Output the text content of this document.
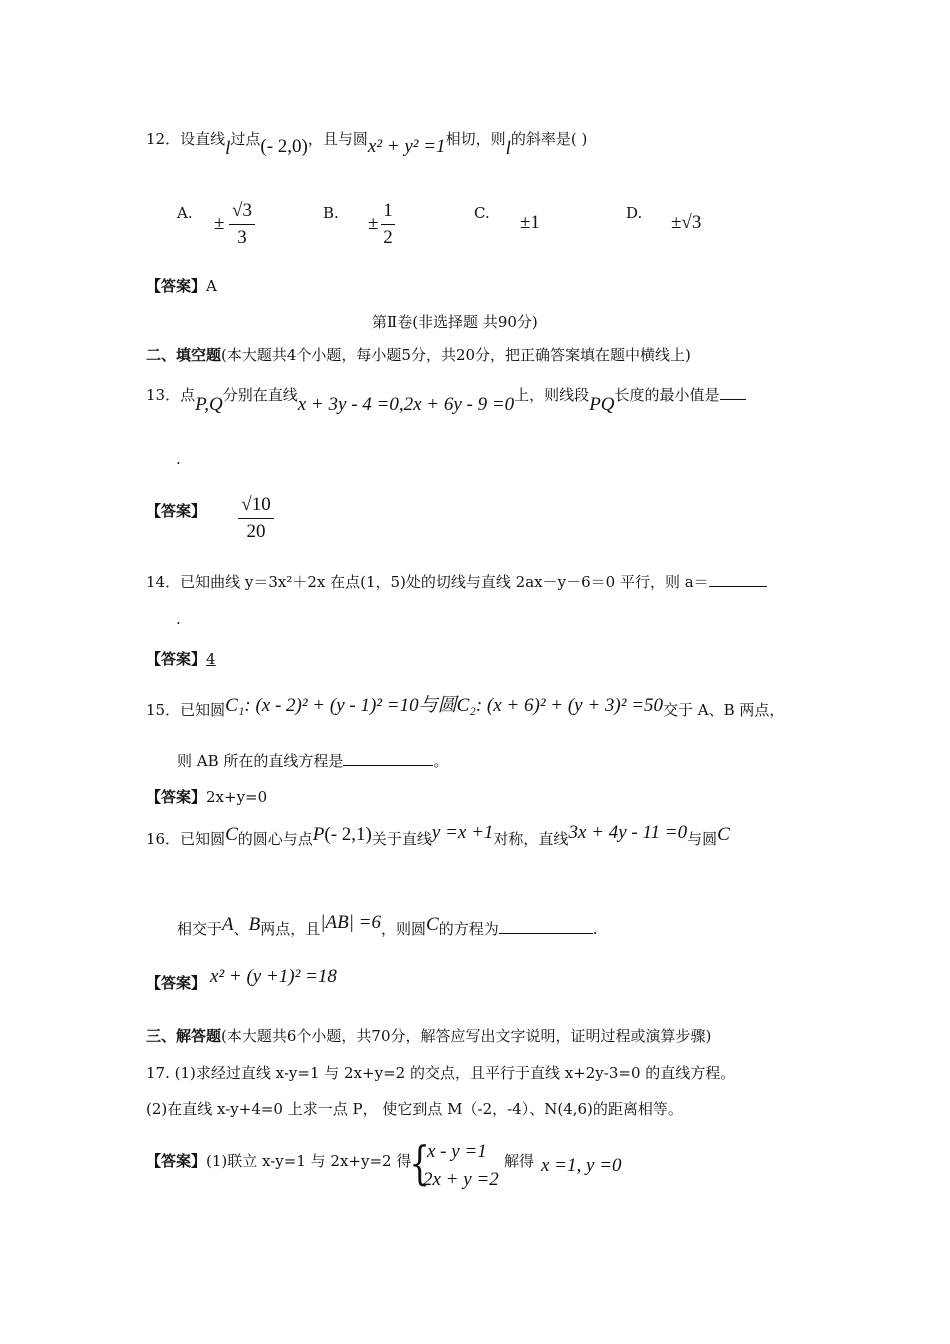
12．设直线l过点(- 2,0)，且与圆x² + y² =1相切，则l的斜率是( )
A. ±
√3
3
B. ±
1
2
C. ±1	D. ±√3
【答案】A
第Ⅱ卷(非选择题 共90分)
二、填空题(本大题共4个小题，每小题5分，共20分，把正确答案填在题中横线上)
13．点P,Q分别在直线x + 3y - 4 =0,2x + 6y - 9 =0上，则线段PQ长度的最小值是
.
【答案】 √10
20
14．已知曲线 y＝3x²＋2x 在点(1，5)处的切线与直线 2ax－y－6＝0 平行，则 a＝
.
【答案】4
15．已知圆C₁: (x - 2)² + (y - 1)² =10与圆C₂: (x + 6)² + (y + 3)² =50交于 A、B 两点，
则 AB 所在的直线方程是	。
【答案】2x+y=0
16．已知圆C的圆心与点P(- 2,1)关于直线y =x +1对称，直线3x + 4y - 11 =0与圆C
相交于A、B两点，且|AB| =6，则圆C的方程为	.
【答案】 x² + (y +1)² =18
三、解答题(本大题共6个小题，共70分，解答应写出文字说明，证明过程或演算步骤)
17. (1)求经过直线 x-y=1 与 2x+y=2 的交点，且平行于直线 x+2y-3=0 的直线方程。
(2)在直线 x-y+4=0 上求一点 P， 使它到点 M（-2，-4）、N(4,6)的距离相等。
【答案】(1)联立 x-y=1 与 2x+y=2 得
{
x - y =1
2x + y =2
解得 x =1, y =0
